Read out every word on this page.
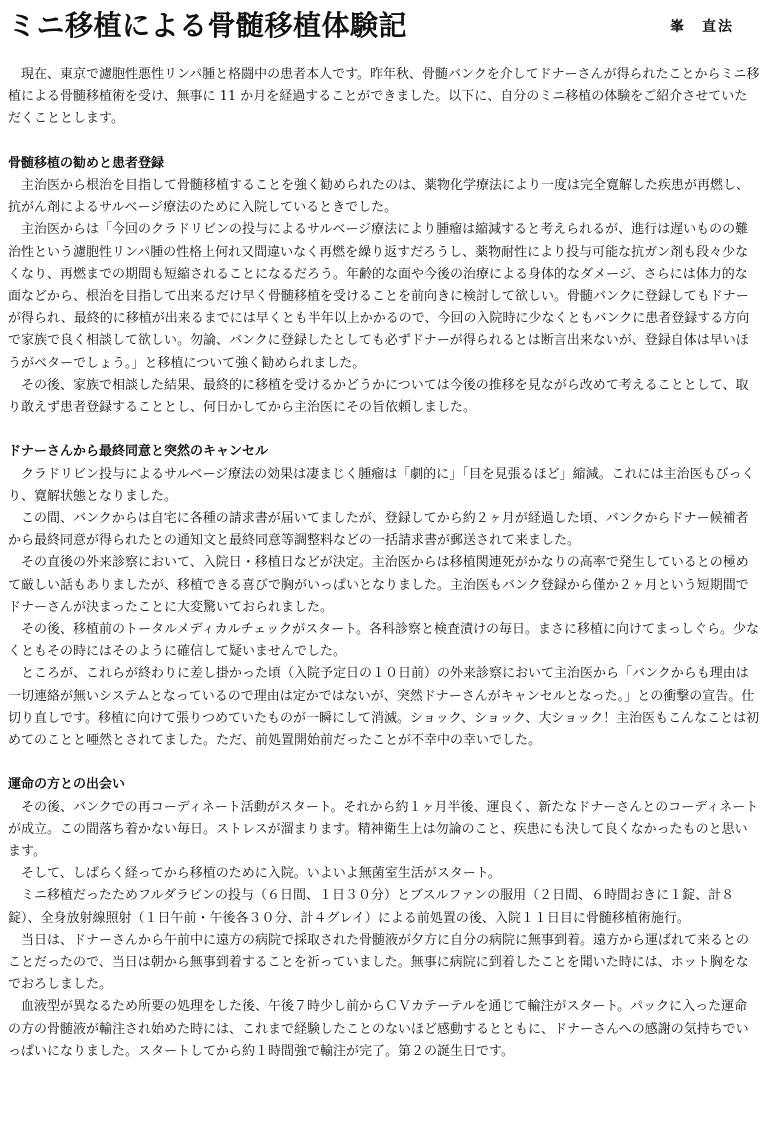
ミニ移植による骨髄移植体験記	峯　直法

現在、東京で濾胞性悪性リンパ腫と格闘中の患者本人です。昨年秋、骨髄バンクを介してドナーさんが得られたことからミニ移植による骨髄移植術を受け、無事に 11 か月を経過することができました。以下に、自分のミニ移植の体験をご紹介させていただくこととします。

骨髄移植の勧めと患者登録

主治医から根治を目指して骨髄移植することを強く勧められたのは、薬物化学療法により一度は完全寛解した疾患が再燃し、抗がん剤によるサルベージ療法のために入院しているときでした。

主治医からは「今回のクラドリビンの投与によるサルベージ療法により腫瘤は縮減すると考えられるが、進行は遅いものの難治性という濾胞性リンパ腫の性格上何れ又間違いなく再燃を繰り返すだろうし、薬物耐性により投与可能な抗ガン剤も段々少なくなり、再燃までの期間も短縮されることになるだろう。年齢的な面や今後の治療による身体的なダメージ、さらには体力的な面などから、根治を目指して出来るだけ早く骨髄移植を受けることを前向きに検討して欲しい。骨髄バンクに登録してもドナーが得られ、最終的に移植が出来るまでには早くとも半年以上かかるので、今回の入院時に少なくともバンクに患者登録する方向で家族で良く相談して欲しい。勿論、バンクに登録したとしても必ずドナーが得られるとは断言出来ないが、登録自体は早いほうがベターでしょう。」と移植について強く勧められました。

その後、家族で相談した結果、最終的に移植を受けるかどうかについては今後の推移を見ながら改めて考えることとして、取り敢えず患者登録することとし、何日かしてから主治医にその旨依頼しました。

ドナーさんから最終同意と突然のキャンセル

クラドリビン投与によるサルベージ療法の効果は凄まじく腫瘤は「劇的に」「目を見張るほど」縮減。これには主治医もびっくり、寛解状態となりました。

この間、バンクからは自宅に各種の請求書が届いてましたが、登録してから約２ヶ月が経過した頃、バンクからドナー候補者から最終同意が得られたとの通知文と最終同意等調整料などの一括請求書が郵送されて来ました。

その直後の外来診察において、入院日・移植日などが決定。主治医からは移植関連死がかなりの高率で発生しているとの極めて厳しい話もありましたが、移植できる喜びで胸がいっぱいとなりました。主治医もバンク登録から僅か２ヶ月という短期間でドナーさんが決まったことに大変驚いておられました。

その後、移植前のトータルメディカルチェックがスタート。各科診察と検査漬けの毎日。まさに移植に向けてまっしぐら。少なくともその時にはそのように確信して疑いませんでした。

ところが、これらが終わりに差し掛かった頃（入院予定日の１０日前）の外来診察において主治医から「バンクからも理由は一切連絡が無いシステムとなっているので理由は定かではないが、突然ドナーさんがキャンセルとなった。」との衝撃の宣告。仕切り直しです。移植に向けて張りつめていたものが一瞬にして消滅。ショック、ショック、大ショック！主治医もこんなことは初めてのことと唖然とされてました。ただ、前処置開始前だったことが不幸中の幸いでした。

運命の方との出会い

その後、バンクでの再コーディネート活動がスタート。それから約１ヶ月半後、運良く、新たなドナーさんとのコーディネートが成立。この間落ち着かない毎日。ストレスが溜まります。精神衛生上は勿論のこと、疾患にも決して良くなかったものと思います。

そして、しばらく経ってから移植のために入院。いよいよ無菌室生活がスタート。

ミニ移植だったためフルダラビンの投与（６日間、１日３０分）とブスルファンの服用（２日間、６時間おきに１錠、計８錠）、全身放射線照射（１日午前・午後各３０分、計４グレイ）による前処置の後、入院１１日目に骨髄移植術施行。

当日は、ドナーさんから午前中に遠方の病院で採取された骨髄液が夕方に自分の病院に無事到着。遠方から運ばれて来るとのことだったので、当日は朝から無事到着することを祈っていました。無事に病院に到着したことを聞いた時には、ホット胸をなでおろしました。

血液型が異なるため所要の処理をした後、午後７時少し前からＣＶカテーテルを通じて輸注がスタート。パックに入った運命の方の骨髄液が輸注され始めた時には、これまで経験したことのないほど感動するとともに、ドナーさんへの感謝の気持ちでいっぱいになりました。スタートしてから約１時間強で輸注が完了。第２の誕生日です。
